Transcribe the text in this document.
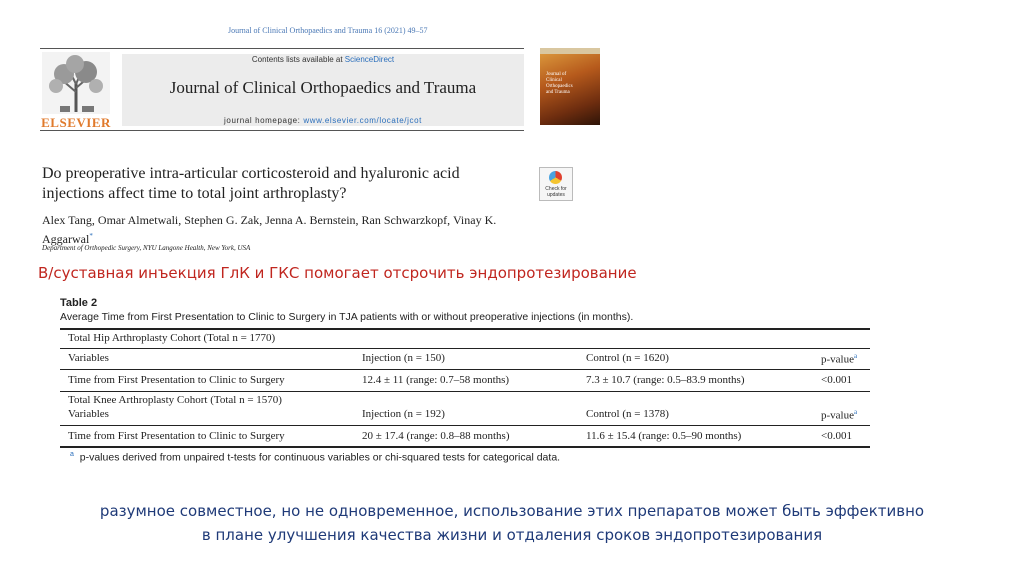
Journal of Clinical Orthopaedics and Trauma 16 (2021) 49–57
ELSEVIER
Contents lists available at ScienceDirect
Journal of Clinical Orthopaedics and Trauma
journal homepage: www.elsevier.com/locate/jcot
Journal of
Clinical
Orthopaedics
and Trauma
Do preoperative intra-articular corticosteroid and hyaluronic acid injections affect time to total joint arthroplasty?	Check for updates
Alex Tang, Omar Almetwali, Stephen G. Zak, Jenna A. Bernstein, Ran Schwarzkopf, Vinay K. Aggarwal*
Department of Orthopedic Surgery, NYU Langone Health, New York, USA
В/суставная инъекция ГлК и ГКС помогает отсрочить эндопротезирование
Table 2
Average Time from First Presentation to Clinic to Surgery in TJA patients with or without preoperative injections (in months).
Total Hip Arthroplasty Cohort (Total n = 1770)
Variables	Injection (n = 150)	Control (n = 1620)	p-value$^a$
Time from First Presentation to Clinic to Surgery	12.4 ± 11 (range: 0.7–58 months)	7.3 ± 10.7 (range: 0.5–83.9 months)	<0.001
Total Knee Arthroplasty Cohort (Total n = 1570)
Variables	Injection (n = 192)	Control (n = 1378)	p-value$^a$
Time from First Presentation to Clinic to Surgery	20 ± 17.4 (range: 0.8–88 months)	11.6 ± 15.4 (range: 0.5–90 months)	<0.001
$^a$ p-values derived from unpaired t-tests for continuous variables or chi-squared tests for categorical data.
разумное совместное, но не одновременное, использование этих препаратов может быть эффективно
в плане улучшения качества жизни и отдаления сроков эндопротезирования
